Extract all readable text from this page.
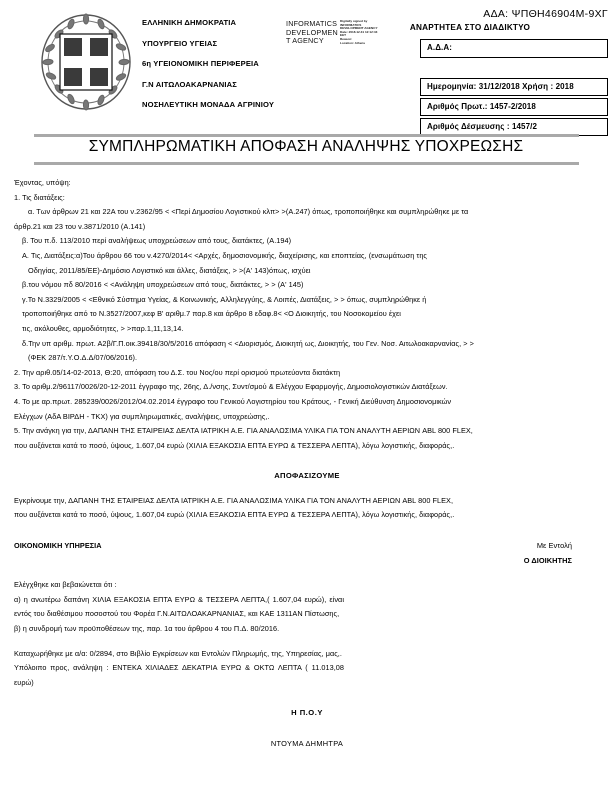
ΕΛΛΗΝΙΚΗ ΔΗΜΟΚΡΑΤΙΑ
ΥΠΟΥΡΓΕΙΟ ΥΓΕΙΑΣ
6η ΥΓΕΙΟΝΟΜΙΚΗ ΠΕΡΙΦΕΡΕΙΑ
Γ.Ν ΑΙΤΩΛΟΑΚΑΡΝΑΝΙΑΣ
ΝΟΣΗΛΕΥΤΙΚΗ ΜΟΝΑΔΑ ΑΓΡΙΝΙΟΥ
INFORMATICS
DEVELOPMEN
T AGENCY
Digitally signed by
INFORMATICS
DEVELOPMENT AGENCY
Date: 2018.12.31 12:12:43
EET
Reason:
Location: Athens
ΑΔΑ: ΨΠΘΗ46904Μ-9ΧΓ
ΑΝΑΡΤΗΤΕΑ ΣΤΟ ΔΙΑΔΙΚΤΥΟ
Α.Δ.Α:
Ημερομηνία: 31/12/2018 Χρήση : 2018
Αριθμός Πρωτ.: 1457-2/2018
Αριθμός Δέσμευσης : 1457/2
ΣΥΜΠΛΗΡΩΜΑΤΙΚΗ ΑΠΟΦΑΣΗ ΑΝΑΛΗΨΗΣ ΥΠΟΧΡΕΩΣΗΣ
Έχοντας, υπόψη:
1. Τις διατάξεις:
α. Των άρθρων 21 και 22Α του ν.2362/95 < <Περί Δημοσίου Λογιστικού κλπ> >(Α.247) όπως, τροποποιήθηκε και συμπληρώθηκε με τα
άρθρ.21 και 23 του ν.3871/2010 (Α.141)
β. Του π.δ. 113/2010 περί αναλήψεως υποχρεώσεων από τους, διατάκτες, (Α.194)
Α. Τις, Διατάξεις:α)Του άρθρου 66 του ν.4270/2014< <Αρχές, δημοσιονομικής, διαχείρισης, και εποπτείας, (ενσωμάτωση της
Οδηγίας, 2011/85/ΕΕ)-Δημόσιο Λογιστικό και άλλες, διατάξεις, > >(Α' 143)όπως, ισχύει
β.του νόμου πδ 80/2016 < <Ανάληψη υποχρεώσεων από τους, διατάκτες, > > (Α' 145)
γ.Το Ν.3329/2005 < <Εθνικό Σύστημα Υγείας, & Κοινωνικής, Αλληλεγγύης, & Λοιπές, Διατάξεις, > > όπως, συμπληρώθηκε ή
τροποποιήθηκε από το Ν.3527/2007,κεφ Β' αριθμ.7 παρ.8 και άρθρο 8 εδαφ.8< <Ο Διοικητής, του Νοσοκομείου έχει
τις, ακόλουθες, αρμοδιότητες, > >παρ.1,11,13,14.
δ.Την υπ αριθμ. πρωτ. Α2β/Γ.Π.οικ.39418/30/5/2016 απόφαση < <Διορισμός, Διοικητή ως, Διοικητής, του Γεν. Νοσ. Αιτωλοακαρνανίας, > >
(ΦΕΚ 287/τ.Υ.Ο.Δ.Δ/07/06/2016).
2. Την αριθ.05/14-02-2013, Θ:20, απόφαση του Δ.Σ. του Νος/ου περί ορισμού πρωτεύοντα διατάκτη
3. Το αριθμ.2/96117/0026/20-12-2011 έγγραφο της, 26ης, Δ./νσης, Συντ/σμού & Ελέγχου Εφαρμογής, Δημοσιολογιστικών Διατάξεων.
4. Το με αρ.πρωτ. 285239/0026/2012/04.02.2014 έγγραφο του Γενικού Λογιστηρίου του Κράτους, - Γενική Διεύθυνση Δημοσιονομικών
Ελέγχων (ΑδΑ ΒΙΡΔΗ - ΤΚΧ) για συμπληρωματικές, αναλήψεις, υποχρεώσης,.
5. Την ανάγκη για την, ΔΑΠΑΝΗ ΤΗΣ ΕΤΑΙΡΕΙΑΣ ΔΕΛΤΑ ΙΑΤΡΙΚΗ Α.Ε. ΓΙΑ ΑΝΑΛΩΣΙΜΑ ΥΛΙΚΑ ΓΙΑ ΤΟΝ ΑΝΑΛΥΤΗ ΑΕΡΙΩΝ ABL 800 FLEX,
που αυξάνεται κατά το ποσό, ύψους, 1.607,04 ευρώ (ΧΙΛΙΑ ΕΞΑΚΟΣΙΑ ΕΠΤΑ ΕΥΡΩ & ΤΕΣΣΕΡΑ ΛΕΠΤΑ), λόγω λογιστικής, διαφοράς,.
ΑΠΟΦΑΣΙΖΟΥΜΕ
Εγκρίνουμε την, ΔΑΠΑΝΗ ΤΗΣ ΕΤΑΙΡΕΙΑΣ ΔΕΛΤΑ ΙΑΤΡΙΚΗ Α.Ε. ΓΙΑ ΑΝΑΛΩΣΙΜΑ ΥΛΙΚΑ ΓΙΑ ΤΟΝ ΑΝΑΛΥΤΗ ΑΕΡΙΩΝ ABL 800 FLEX,
που αυξάνεται κατά το ποσό, ύψους, 1.607,04 ευρώ (ΧΙΛΙΑ ΕΞΑΚΟΣΙΑ ΕΠΤΑ ΕΥΡΩ & ΤΕΣΣΕΡΑ ΛΕΠΤΑ), λόγω λογιστικής, διαφοράς,.
ΟΙΚΟΝΟΜΙΚΗ ΥΠΗΡΕΣΙΑ	Με Εντολή

Ο ΔΙΟΙΚΗΤΗΣ
Ελέγχθηκε και βεβαιώνεται ότι :
α) η ανωτέρω δαπάνη ΧΙΛΙΑ ΕΞΑΚΟΣΙΑ ΕΠΤΑ ΕΥΡΩ & ΤΕΣΣΕΡΑ ΛΕΠΤΑ,( 1.607,04 ευρώ), είναι εντός του διαθέσιμου ποσοστού του Φορέα Γ.Ν.ΑΙΤΩΛΟΑΚΑΡΝΑΝΙΑΣ, και ΚΑΕ 1311ΑΝ Πίστωσης,
β) η συνδρομή των προϋποθέσεων της, παρ. 1α του άρθρου 4 του Π.Δ. 80/2016.
Καταχωρήθηκε με α/α: 0/2894, στο Βιβλίο Εγκρίσεων και Εντολών Πληρωμής, της, Υπηρεσίας, μας,.
Υπόλοιπο προς, ανάληψη : ΕΝΤΕΚΑ ΧΙΛΙΑΔΕΣ ΔΕΚΑΤΡΙΑ ΕΥΡΩ & ΟΚΤΩ ΛΕΠΤΑ ( 11.013,08 ευρώ)
Η Π.Ο.Υ
ΝΤΟΥΜΑ ΔΗΜΗΤΡΑ
